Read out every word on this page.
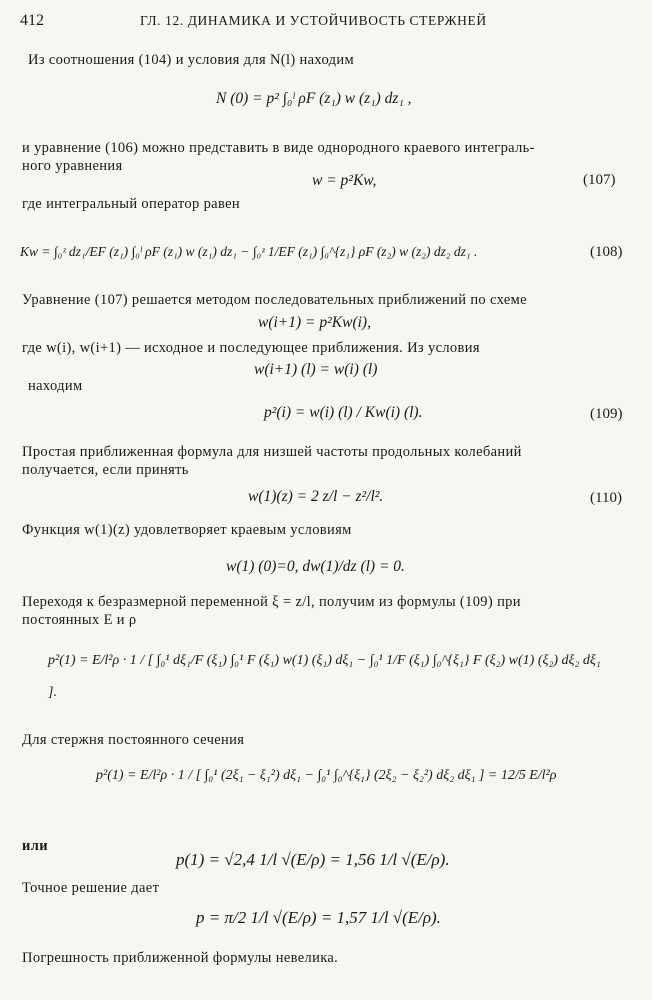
412	ГЛ. 12. ДИНАМИКА И УСТОЙЧИВОСТЬ СТЕРЖНЕЙ
Из соотношения (104) и условия для N(l) находим
N (0) = p² ∫₀ˡ ρF (z₁) w (z₁) dz₁ ,
и уравнение (106) можно представить в виде однородного краевого интеграль-
ного уравнения
w = p²Kw,	(107)
где интегральный оператор равен
Kw = ∫₀ᶻ dz₁/EF (z₁) ∫₀ˡ ρF (z₁) w (z₁) dz₁ − ∫₀ᶻ 1/EF (z₁) ∫₀^{z₁} ρF (z₂) w (z₂) dz₂ dz₁ .	(108)
Уравнение (107) решается методом последовательных приближений по схеме
w(i+1) = p²Kw(i),
где w(i), w(i+1) — исходное и последующее приближения. Из условия
w(i+1) (l) = w(i) (l)
находим
p²(i) = w(i) (l) / Kw(i) (l).	(109)
Простая приближенная формула для низшей частоты продольных колебаний
получается, если принять
w(1)(z) = 2 z/l − z²/l².	(110)
Функция w(1)(z) удовлетворяет краевым условиям
w(1) (0)=0, dw(1)/dz (l) = 0.
Переходя к безразмерной переменной ξ = z/l, получим из формулы (109) при
постоянных E и ρ
p²(1) = E/l²ρ · 1 / [ ∫₀¹ dξ₁/F (ξ₁) ∫₀¹ F (ξ₁) w(1) (ξ₁) dξ₁ − ∫₀¹ 1/F (ξ₁) ∫₀^{ξ₁} F (ξ₂) w(1) (ξ₂) dξ₂ dξ₁ ].
Для стержня постоянного сечения
p²(1) = E/l²ρ · 1 / [ ∫₀¹ (2ξ₁ − ξ₁²) dξ₁ − ∫₀¹ ∫₀^{ξ₁} (2ξ₂ − ξ₂²) dξ₂ dξ₁ ] = 12/5 E/l²ρ
или
p(1) = √2,4 1/l √(E/ρ) = 1,56 1/l √(E/ρ).
Точное решение дает
p = π/2 1/l √(E/ρ) = 1,57 1/l √(E/ρ).
Погрешность приближенной формулы невелика.
